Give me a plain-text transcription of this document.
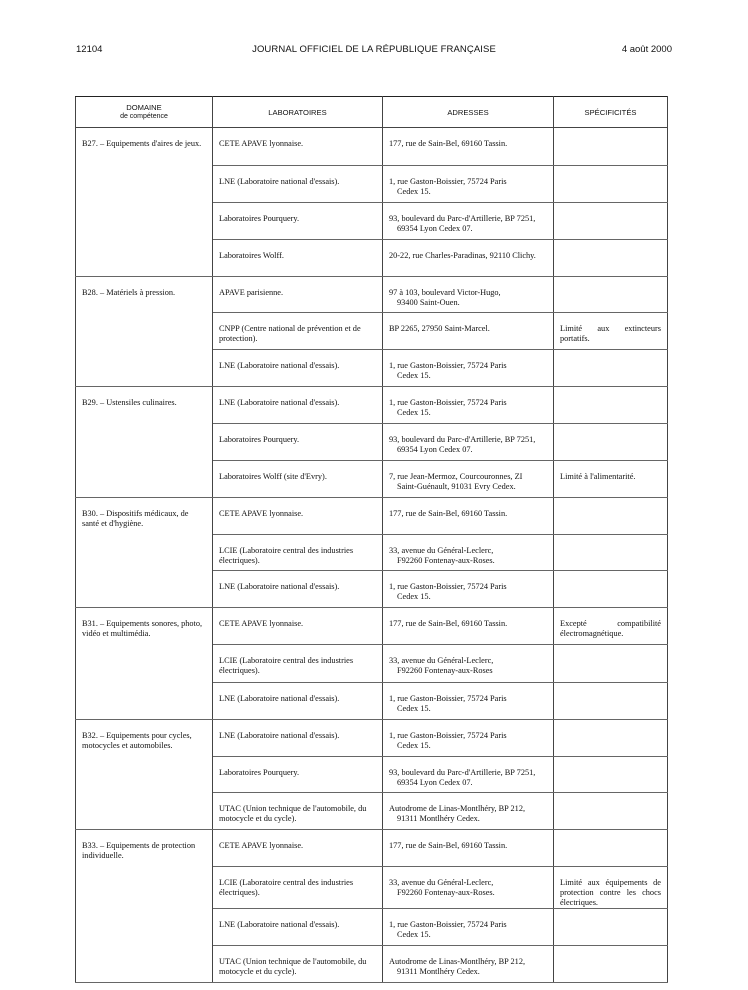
12104	JOURNAL OFFICIEL DE LA RÉPUBLIQUE FRANÇAISE	4 août 2000
DOMAINE
de compétence	LABORATOIRES	ADRESSES	SPÉCIFICITÉS
B27. – Equipements d'aires de jeux.	CETE APAVE lyonnaise.	177, rue de Sain-Bel, 69160 Tassin.	

	LNE (Laboratoire national d'essais).	1, rue Gaston-Boissier, 75724 Paris
Cedex 15.	

	Laboratoires Pourquery.	93, boulevard du Parc-d'Artillerie, BP 7251,
69354 Lyon Cedex 07.	

	Laboratoires Wolff.	20-22, rue Charles-Paradinas, 92110 Clichy.	

B28. – Matériels à pression.	APAVE parisienne.	97 à 103, boulevard Victor-Hugo,
93400 Saint-Ouen.	

	CNPP (Centre national de prévention et de protection).	BP 2265, 27950 Saint-Marcel.	Limité aux extincteurs portatifs.
	LNE (Laboratoire national d'essais).	1, rue Gaston-Boissier, 75724 Paris
Cedex 15.	

B29. – Ustensiles culinaires.	LNE (Laboratoire national d'essais).	1, rue Gaston-Boissier, 75724 Paris
Cedex 15.	

	Laboratoires Pourquery.	93, boulevard du Parc-d'Artillerie, BP 7251,
69354 Lyon Cedex 07.	

	Laboratoires Wolff (site d'Evry).	7, rue Jean-Mermoz, Courcouronnes, ZI
Saint-Guénault, 91031 Evry Cedex.	Limité à l'alimentarité.
B30. – Dispositifs médicaux, de santé et d'hygiène.	CETE APAVE lyonnaise.	177, rue de Sain-Bel, 69160 Tassin.	

	LCIE (Laboratoire central des industries électriques).	33, avenue du Général-Leclerc,
F92260 Fontenay-aux-Roses.	

	LNE (Laboratoire national d'essais).	1, rue Gaston-Boissier, 75724 Paris
Cedex 15.	

B31. – Equipements sonores, photo, vidéo et multimédia.	CETE APAVE lyonnaise.	177, rue de Sain-Bel, 69160 Tassin.	Excepté compatibilité électromagnétique.
	LCIE (Laboratoire central des industries électriques).	33, avenue du Général-Leclerc,
F92260 Fontenay-aux-Roses	

	LNE (Laboratoire national d'essais).	1, rue Gaston-Boissier, 75724 Paris
Cedex 15.	

B32. – Equipements pour cycles, motocycles et automobiles.	LNE (Laboratoire national d'essais).	1, rue Gaston-Boissier, 75724 Paris
Cedex 15.	

	Laboratoires Pourquery.	93, boulevard du Parc-d'Artillerie, BP 7251,
69354 Lyon Cedex 07.	

	UTAC (Union technique de l'automobile, du motocycle et du cycle).	Autodrome de Linas-Montlhéry, BP 212,
91311 Montlhéry Cedex.	

B33. – Equipements de protection individuelle.	CETE APAVE lyonnaise.	177, rue de Sain-Bel, 69160 Tassin.	

	LCIE (Laboratoire central des industries électriques).	33, avenue du Général-Leclerc,
F92260 Fontenay-aux-Roses.	Limité aux équipements de protection contre les chocs électriques.
	LNE (Laboratoire national d'essais).	1, rue Gaston-Boissier, 75724 Paris
Cedex 15.	

	UTAC (Union technique de l'automobile, du motocycle et du cycle).	Autodrome de Linas-Montlhéry, BP 212,
91311 Montlhéry Cedex.	
